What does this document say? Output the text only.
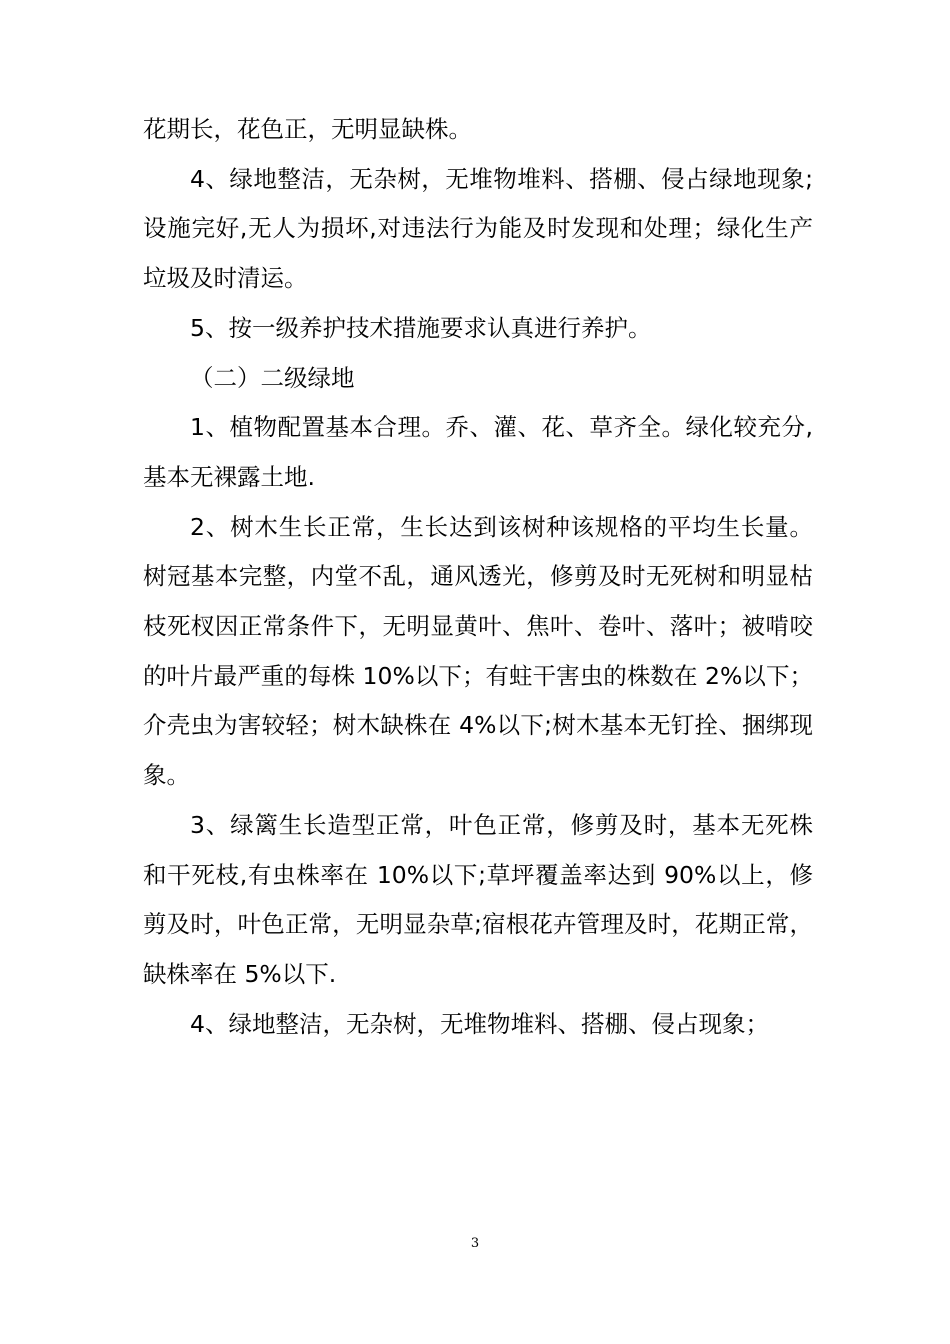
花期长，花色正，无明显缺株。

4、绿地整洁，无杂树，无堆物堆料、搭棚、侵占绿地现象;设施完好,无人为损坏,对违法行为能及时发现和处理；绿化生产垃圾及时清运。

5、按一级养护技术措施要求认真进行养护。

（二）二级绿地

1、植物配置基本合理。乔、灌、花、草齐全。绿化较充分,基本无裸露土地.

2、树木生长正常，生长达到该树种该规格的平均生长量。树冠基本完整，内堂不乱，通风透光，修剪及时无死树和明显枯枝死杈因正常条件下，无明显黄叶、焦叶、卷叶、落叶；被啃咬的叶片最严重的每株 10%以下；有蛀干害虫的株数在 2%以下；介壳虫为害较轻；树木缺株在 4%以下;树木基本无钉拴、捆绑现象。

3、绿篱生长造型正常，叶色正常，修剪及时，基本无死株和干死枝,有虫株率在 10%以下;草坪覆盖率达到 90%以上，修剪及时，叶色正常，无明显杂草;宿根花卉管理及时，花期正常，缺株率在 5%以下.

4、绿地整洁，无杂树，无堆物堆料、搭棚、侵占现象；

3
